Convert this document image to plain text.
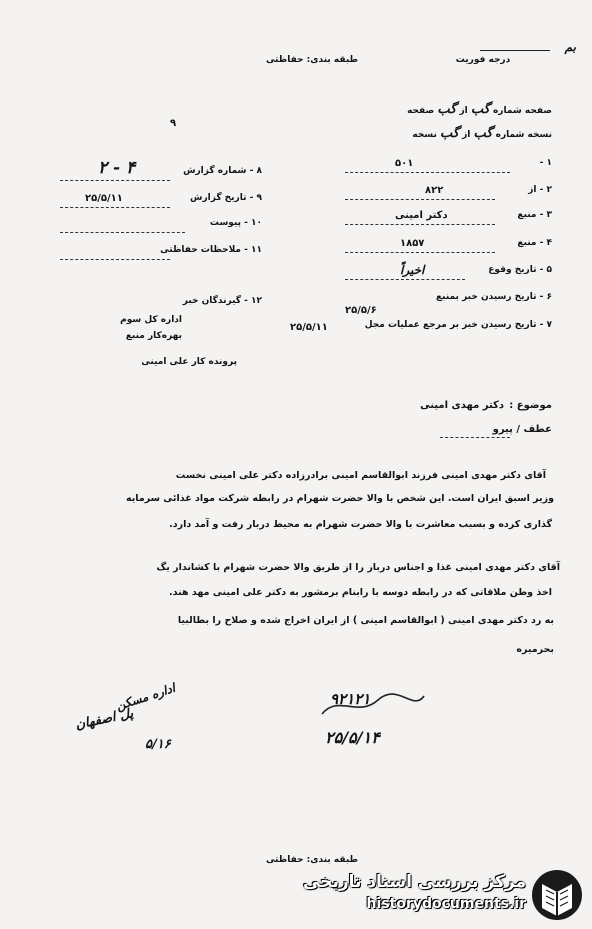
بم
طبقه بندی: حفاظتی	درجه فوریت
۹
صفحه شماره گب از گب صفحه
نسخه شماره گب از گب نسخه
۱ -
۵۰۱
۲ - از
۸۲۲
۳ - منبع
دکتر امینی
۴ - منبع
۱۸۵۷
۵ - تاریخ وقوع
اخیراً
۶ - تاریخ رسیدن خبر بمنبع
۲۵/۵/۶
۷ - تاریخ رسیدن خبر بر مرجع عملیات مجل
۲۵/۵/۱۱
۸ - شماره گزارش
۲ - ۴
۹ - تاریخ گزارش
۲۵/۵/۱۱
۱۰ - پیوست
۱۱ - ملاحظات حفاظتی
۱۲ - گیرندگان خبر
اداره کل سوم
بهره‌کار منبع
پرونده کار علی امینی
موضوع :
دکتر مهدی امینی
عطف / پیرو
آقای دکتر مهدی امینی فرزند ابوالقاسم امینی برادرزاده دکتر علی امینی نخست
وزیر اسبق ایران است. این شخص با والا حضرت شهرام در رابطه شرکت مواد غذائی سرمایه‌
گذاری کرده و بسبب معاشرت با والا حضرت شهرام به محیط دربار رفت و آمد دارد.
آقای دکتر مهدی امینی غذا و اجناس دربار را از طریق والا حضرت شهرام با کشاندار یگ
اخذ وطن ملاقاتی که در رابطه دوسه با رابنام برمشور به دکتر علی امینی مهد هند.
به رد دکتر مهدی امینی ( ابوالقاسم امینی ) از ایران اخراج شده و صلاح را بطالبیا
بحرمیره
۹۲۱۲۱
۲۵/۵/۱۴
اداره مسکن
پل اصفهان
۵/۱۶
طبقه بندی: حفاظتی
مرکز بررسی اسناد تاریخی
historydocuments.ir
